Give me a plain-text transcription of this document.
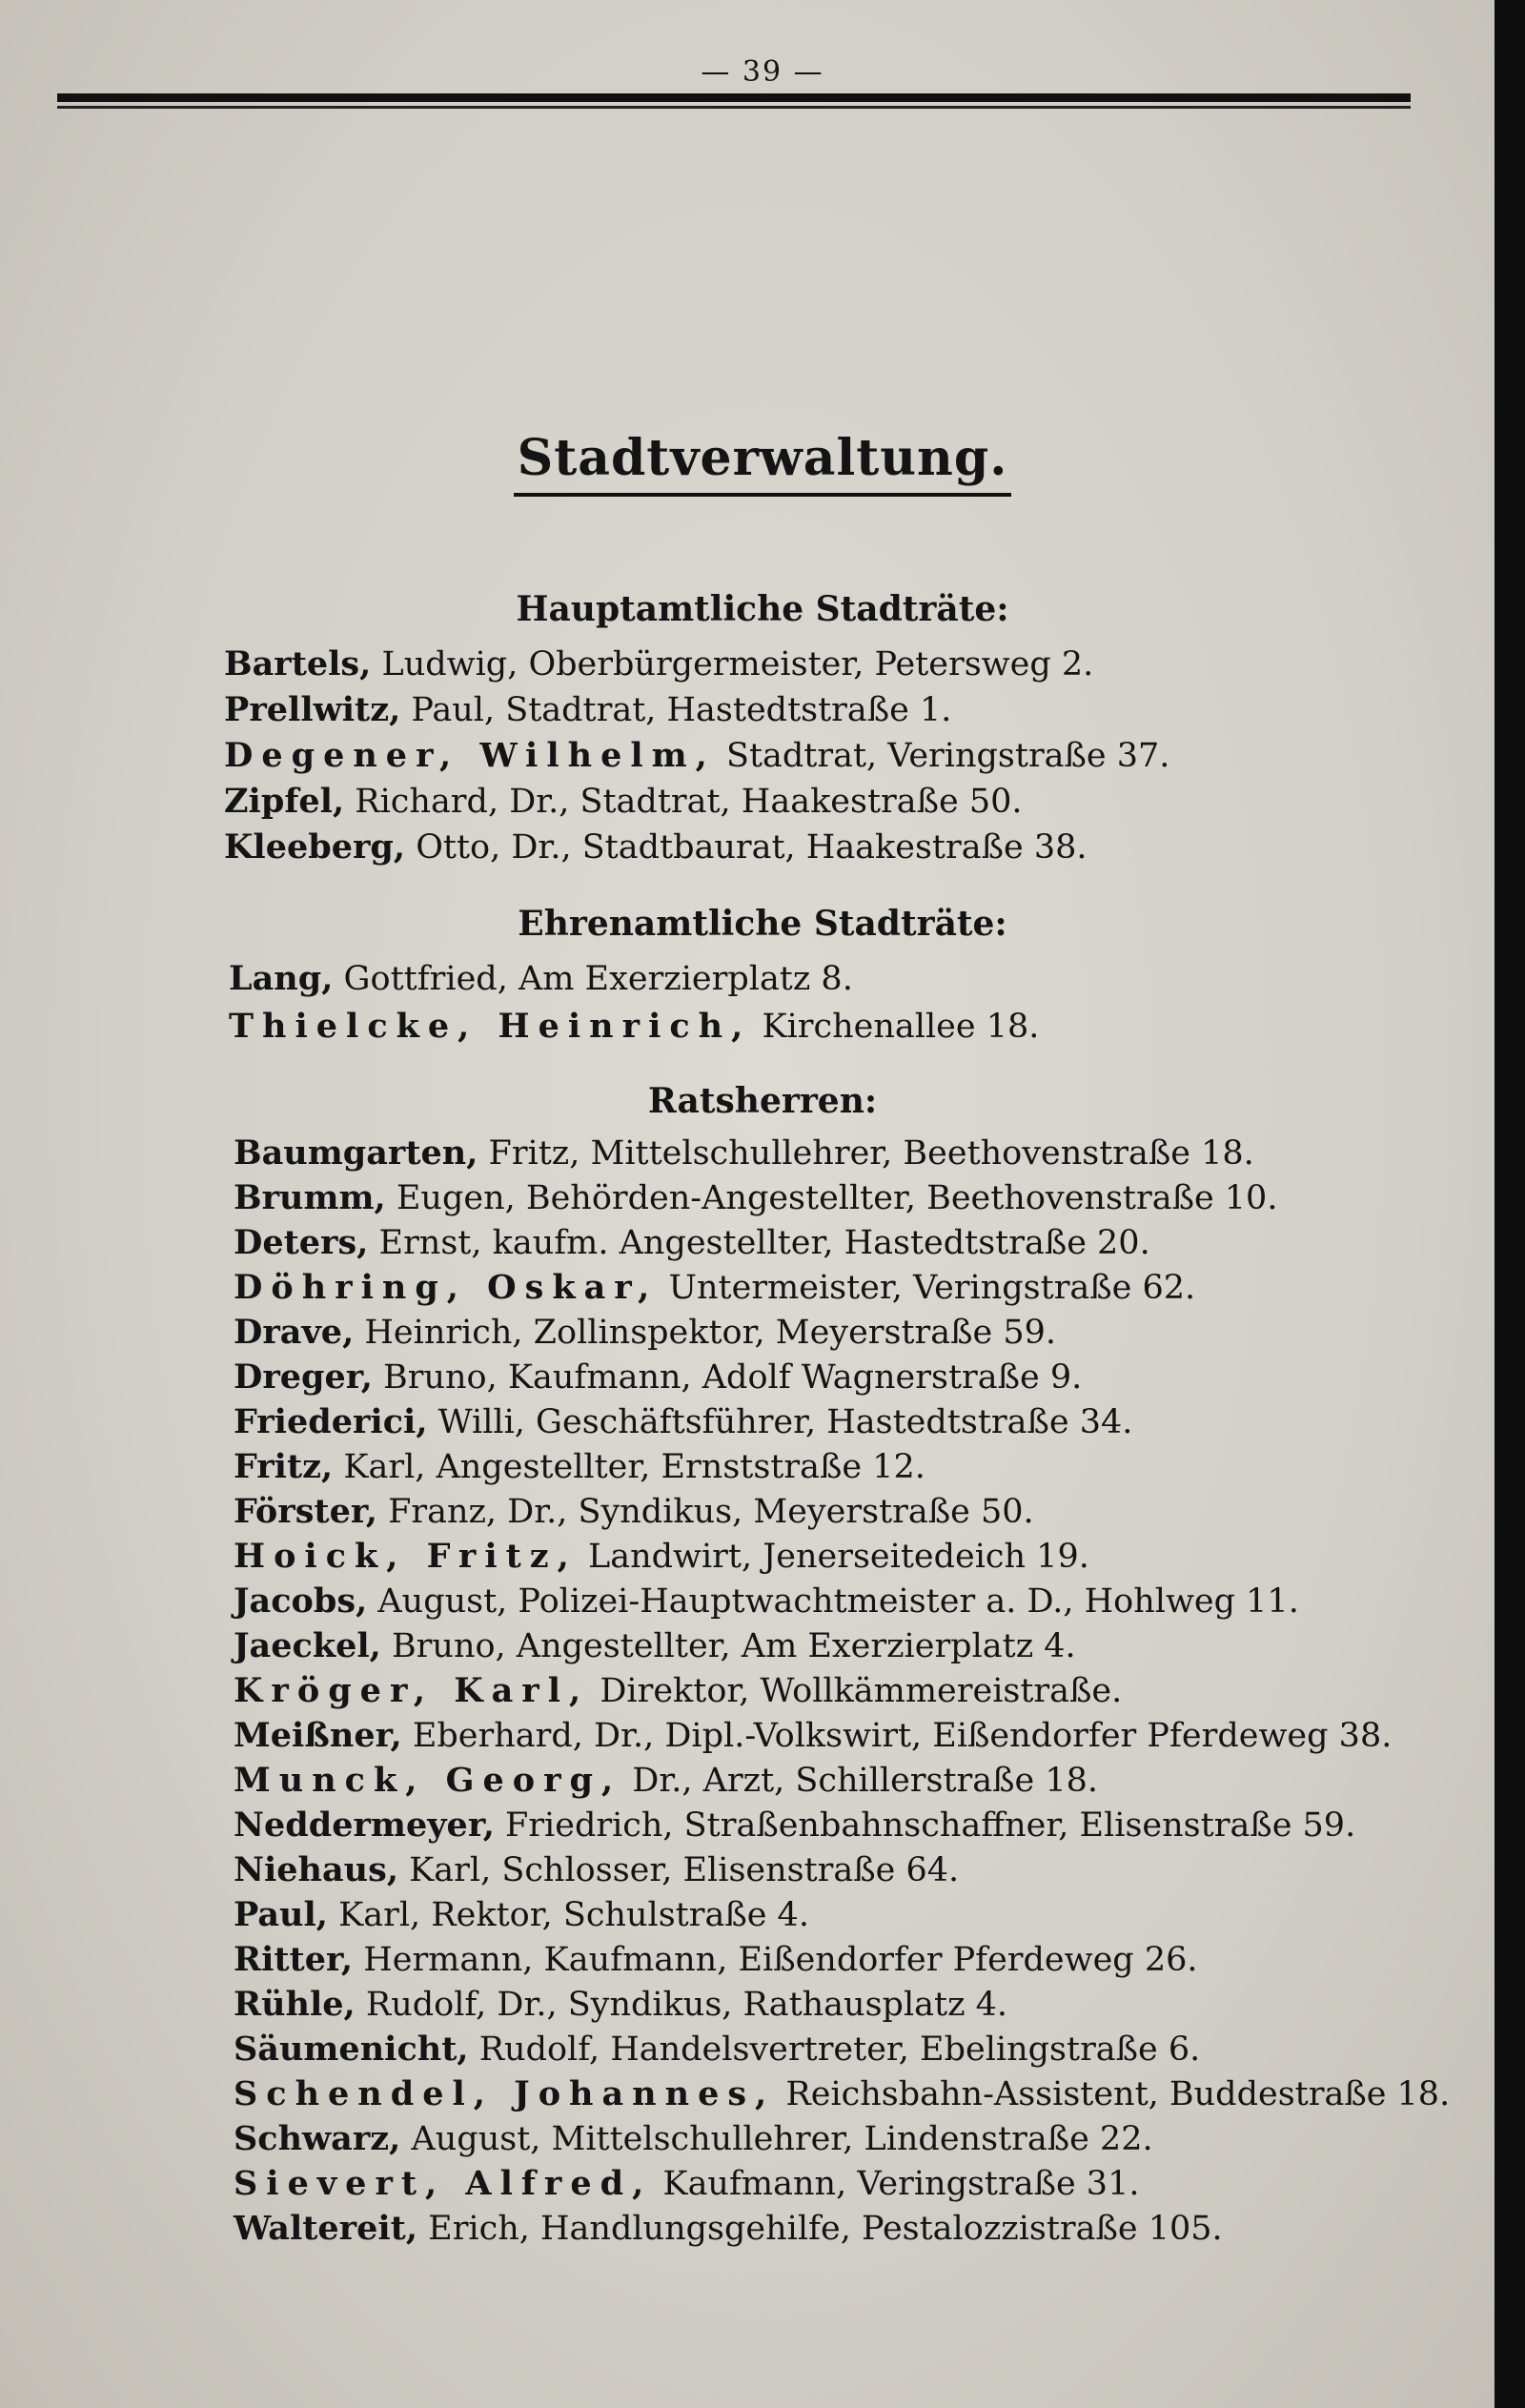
— 39 —
Stadtverwaltung.
Hauptamtliche Stadträte:
Bartels, Ludwig, Oberbürgermeister, Petersweg 2.
Prellwitz, Paul, Stadtrat, Hastedtstraße 1.
Degener, Wilhelm, Stadtrat, Veringstraße 37.
Zipfel, Richard, Dr., Stadtrat, Haakestraße 50.
Kleeberg, Otto, Dr., Stadtbaurat, Haakestraße 38.
Ehrenamtliche Stadträte:
Lang, Gottfried, Am Exerzierplatz 8.
Thielcke, Heinrich, Kirchenallee 18.
Ratsherren:
Baumgarten, Fritz, Mittelschullehrer, Beethovenstraße 18.
Brumm, Eugen, Behörden-Angestellter, Beethovenstraße 10.
Deters, Ernst, kaufm. Angestellter, Hastedtstraße 20.
Döhring, Oskar, Untermeister, Veringstraße 62.
Drave, Heinrich, Zollinspektor, Meyerstraße 59.
Dreger, Bruno, Kaufmann, Adolf Wagnerstraße 9.
Friederici, Willi, Geschäftsführer, Hastedtstraße 34.
Fritz, Karl, Angestellter, Ernststraße 12.
Förster, Franz, Dr., Syndikus, Meyerstraße 50.
Hoick, Fritz, Landwirt, Jenerseitedeich 19.
Jacobs, August, Polizei-Hauptwachtmeister a. D., Hohlweg 11.
Jaeckel, Bruno, Angestellter, Am Exerzierplatz 4.
Kröger, Karl, Direktor, Wollkämmereistraße.
Meißner, Eberhard, Dr., Dipl.-Volkswirt, Eißendorfer Pferdeweg 38.
Munck, Georg, Dr., Arzt, Schillerstraße 18.
Neddermeyer, Friedrich, Straßenbahnschaffner, Elisenstraße 59.
Niehaus, Karl, Schlosser, Elisenstraße 64.
Paul, Karl, Rektor, Schulstraße 4.
Ritter, Hermann, Kaufmann, Eißendorfer Pferdeweg 26.
Rühle, Rudolf, Dr., Syndikus, Rathausplatz 4.
Säumenicht, Rudolf, Handelsvertreter, Ebelingstraße 6.
Schendel, Johannes, Reichsbahn-Assistent, Buddestraße 18.
Schwarz, August, Mittelschullehrer, Lindenstraße 22.
Sievert, Alfred, Kaufmann, Veringstraße 31.
Waltereit, Erich, Handlungsgehilfe, Pestalozzistraße 105.
